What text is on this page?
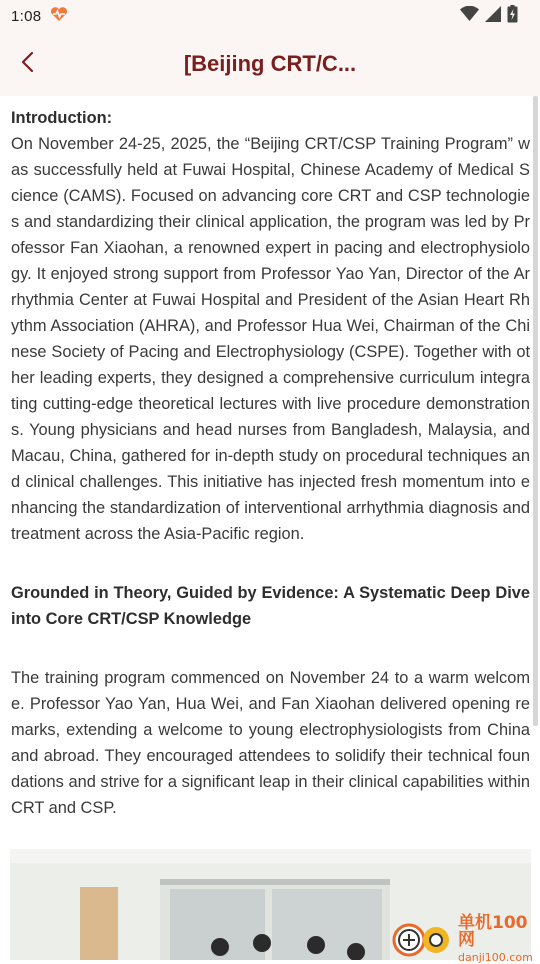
1:08
[Beijing CRT/C...

Introduction:

On November 24-25, 2025, the “Beijing CRT/CSP Training Program” was successfully held at Fuwai Hospital, Chinese Academy of Medical Science (CAMS). Focused on advancing core CRT and CSP technologies and standardizing their clinical application, the program was led by Professor Fan Xiaohan, a renowned expert in pacing and electrophysiology. It enjoyed strong support from Professor Yao Yan, Director of the Arrhythmia Center at Fuwai Hospital and President of the Asian Heart Rhythm Association (AHRA), and Professor Hua Wei, Chairman of the Chinese Society of Pacing and Electrophysiology (CSPE). Together with other leading experts, they designed a comprehensive curriculum integrating cutting-edge theoretical lectures with live procedure demonstrations. Young physicians and head nurses from Bangladesh, Malaysia, and Macau, China, gathered for in-depth study on procedural techniques and clinical challenges. This initiative has injected fresh momentum into enhancing the standardization of interventional arrhythmia diagnosis and treatment across the Asia-Pacific region.

Grounded in Theory, Guided by Evidence: A Systematic Deep Dive into Core CRT/CSP Knowledge

The training program commenced on November 24 to a warm welcome. Professor Yao Yan, Hua Wei, and Fan Xiaohan delivered opening remarks, extending a welcome to young electrophysiologists from China and abroad. They encouraged attendees to solidify their technical foundations and strive for a significant leap in their clinical capabilities within CRT and CSP.

单机100网
danji100.com
